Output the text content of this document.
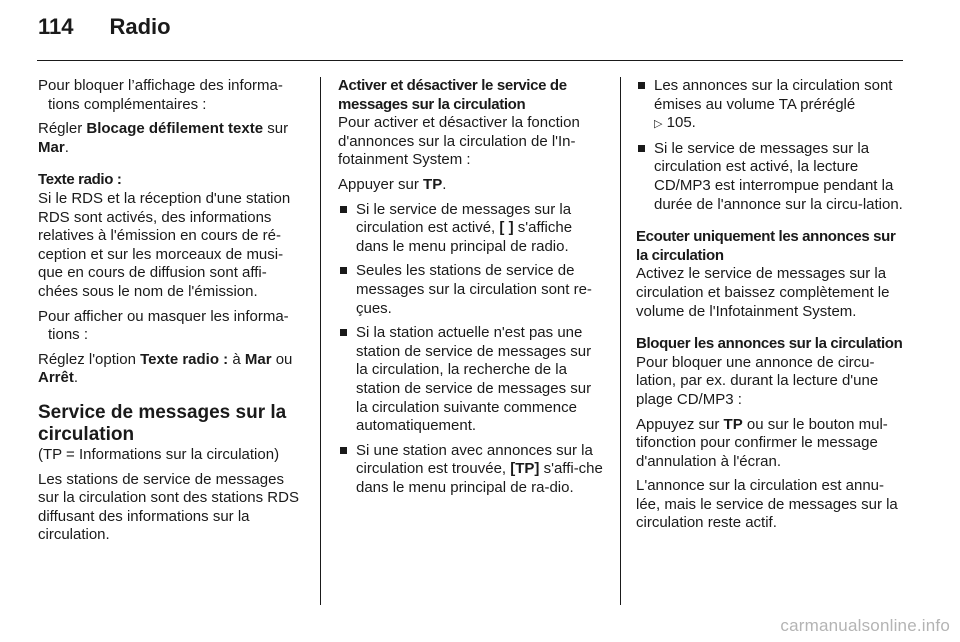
114 Radio

Pour bloquer l’affichage des informa-tions complémentaires :

Régler Blocage défilement texte sur Mar.

Texte radio :

Si le RDS et la réception d'une station RDS sont activés, des informations relatives à l'émission en cours de ré-ception et sur les morceaux de musi-que en cours de diffusion sont affi-chées sous le nom de l'émission.

Pour afficher ou masquer les informa-tions :

Réglez l'option Texte radio : à Mar ou Arrêt.

Service de messages sur la circulation

(TP = Informations sur la circulation)

Les stations de service de messages sur la circulation sont des stations RDS diffusant des informations sur la circulation.

Activer et désactiver le service de messages sur la circulation

Pour activer et désactiver la fonction d'annonces sur la circulation de l'In-fotainment System :

Appuyer sur TP.

Si le service de messages sur la circulation est activé, [ ] s'affiche dans le menu principal de radio.
Seules les stations de service de messages sur la circulation sont re-çues.
Si la station actuelle n'est pas une station de service de messages sur la circulation, la recherche de la station de service de messages sur la circulation suivante commence automatiquement.
Si une station avec annonces sur la circulation est trouvée, [TP] s'affi-che dans le menu principal de ra-dio.
Les annonces sur la circulation sont émises au volume TA préréglé
▷ 105.
Si le service de messages sur la circulation est activé, la lecture CD/MP3 est interrompue pendant la durée de l'annonce sur la circu-lation.
Ecouter uniquement les annonces sur la circulation

Activez le service de messages sur la circulation et baissez complètement le volume de l'Infotainment System.

Bloquer les annonces sur la circulation

Pour bloquer une annonce de circu-lation, par ex. durant la lecture d'une plage CD/MP3 :

Appuyez sur TP ou sur le bouton mul-tifonction pour confirmer le message d'annulation à l'écran.

L'annonce sur la circulation est annu-lée, mais le service de messages sur la circulation reste actif.

carmanualsonline.info
